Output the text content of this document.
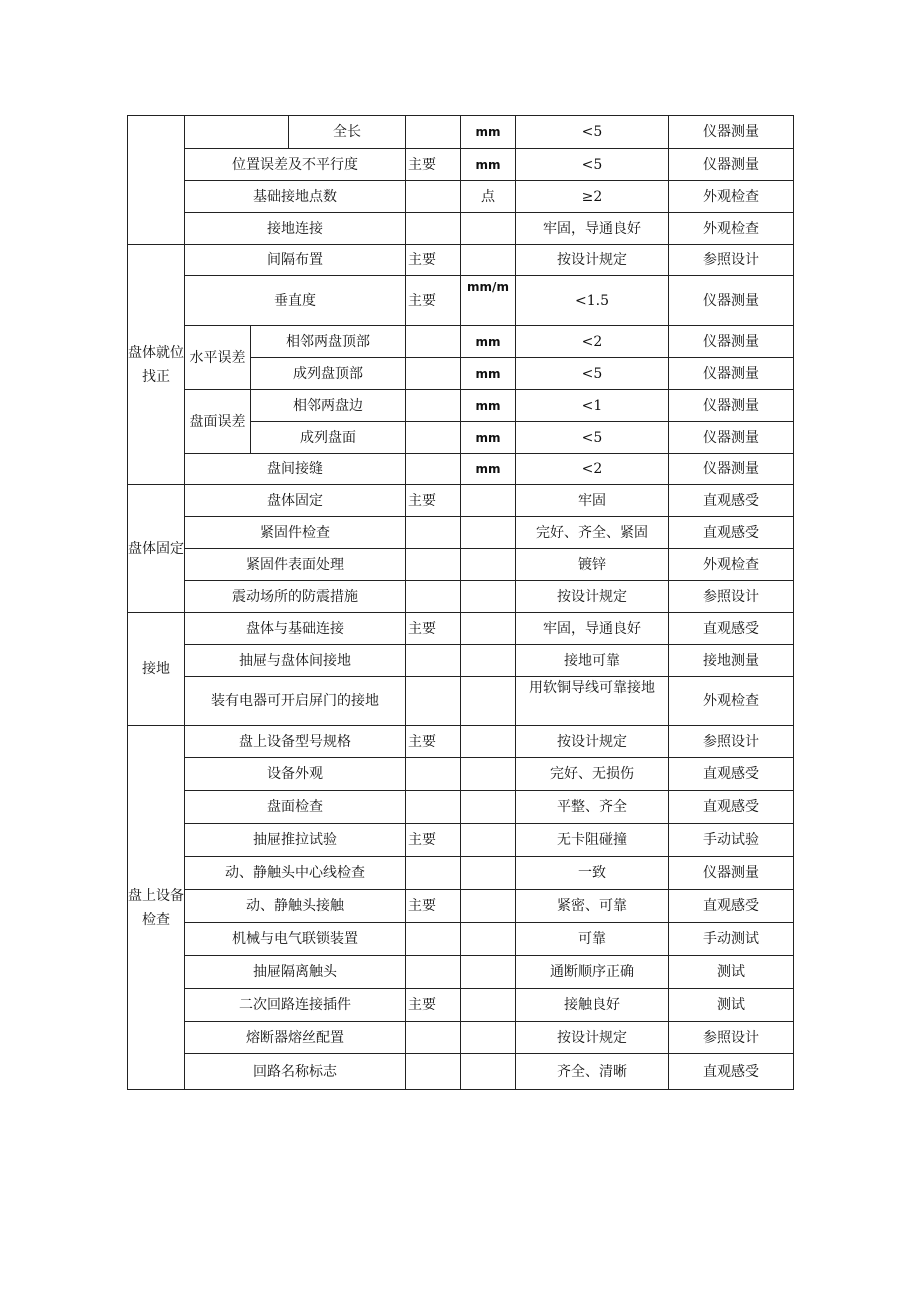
			全长		mm	<5	仪器测量
	位置误差及不平行度			主要	mm	<5	仪器测量
	基础接地点数				点	≥2	外观检查
	接地连接					牢固，导通良好	外观检查
盘体就位找正	间隔布置			主要		按设计规定	参照设计
	垂直度			主要	mm/m	<1.5	仪器测量
	水平误差	相邻两盘顶部			mm	<2	仪器测量
		成列盘顶部			mm	<5	仪器测量
	盘面误差	相邻两盘边			mm	<1	仪器测量
		成列盘面			mm	<5	仪器测量
	盘间接缝				mm	<2	仪器测量
盘体固定	盘体固定			主要		牢固	直观感受
	紧固件检查					完好、齐全、紧固	直观感受
	紧固件表面处理					镀锌	外观检查
	震动场所的防震措施					按设计规定	参照设计
接地	盘体与基础连接			主要		牢固，导通良好	直观感受
	抽屉与盘体间接地					接地可靠	接地测量
	装有电器可开启屏门的接地					用软铜导线可靠接地	外观检查
盘上设备检查	盘上设备型号规格			主要		按设计规定	参照设计
	设备外观					完好、无损伤	直观感受
	盘面检查					平整、齐全	直观感受
	抽屉推拉试验			主要		无卡阻碰撞	手动试验
	动、静触头中心线检查					一致	仪器测量
	动、静触头接触			主要		紧密、可靠	直观感受
	机械与电气联锁装置					可靠	手动测试
	抽屉隔离触头					通断顺序正确	测试
	二次回路连接插件			主要		接触良好	测试
	熔断器熔丝配置					按设计规定	参照设计
	回路名称标志					齐全、清晰	直观感受
